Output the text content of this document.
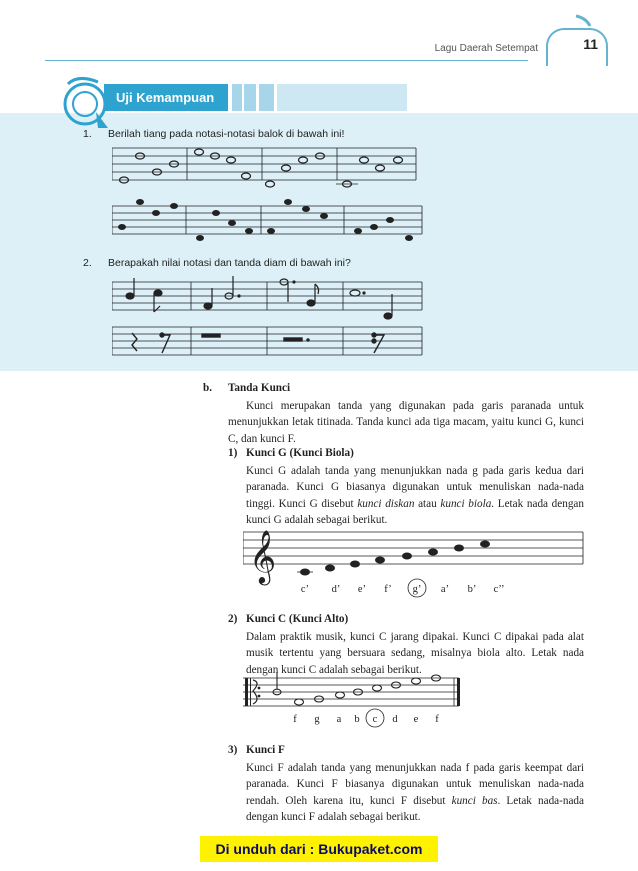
Lagu Daerah Setempat	11
Uji Kemampuan
1. Berilah tiang pada notasi-notasi balok di bawah ini!
2. Berapakah nilai notasi dan tanda diam di bawah ini?
b. Tanda Kunci
Kunci merupakan tanda yang digunakan pada garis paranada untuk menunjukkan letak titinada. Tanda kunci ada tiga macam, yaitu kunci G, kunci C, dan kunci F.
1) Kunci G (Kunci Biola)
Kunci G adalah tanda yang menunjukkan nada g pada garis kedua dari paranada. Kunci G biasanya digunakan untuk menuliskan nada-nada tinggi. Kunci G disebut kunci diskan atau kunci biola. Letak nada dengan kunci G adalah sebagai berikut.
𝄞
c’ d’ e’ f’ g’ a’ b’ c’’
2) Kunci C (Kunci Alto)
Dalam praktik musik, kunci C jarang dipakai. Kunci C dipakai pada alat musik tertentu yang bersuara sedang, misalnya biola alto. Letak nada dengan kunci C adalah sebagai berikut.
f g a b c d e f
3) Kunci F
Kunci F adalah tanda yang menunjukkan nada f pada garis keempat dari paranada. Kunci F biasanya digunakan untuk menuliskan nada-nada rendah. Oleh karena itu, kunci F disebut kunci bas. Letak nada-nada dengan kunci F adalah sebagai berikut.
Di unduh dari : Bukupaket.com
